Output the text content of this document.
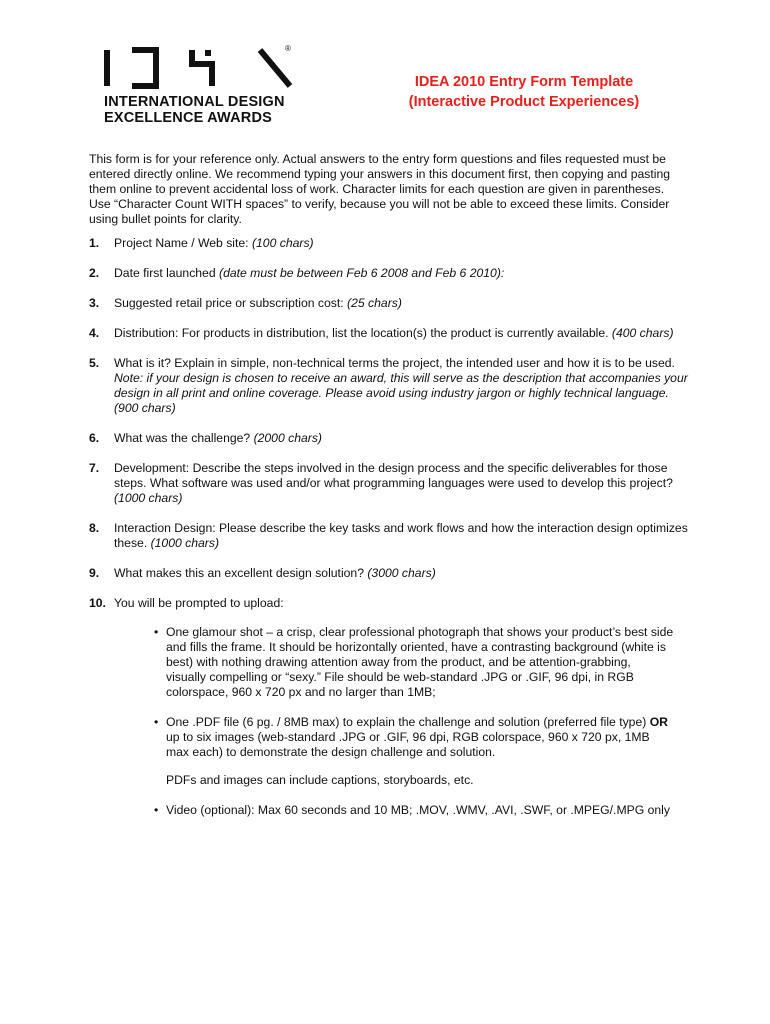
®
INTERNATIONAL DESIGN
EXCELLENCE AWARDS
IDEA 2010 Entry Form Template
(Interactive Product Experiences)

This form is for your reference only. Actual answers to the entry form questions and files requested must be entered directly online. We recommend typing your answers in this document first, then copying and pasting them online to prevent accidental loss of work. Character limits for each question are given in parentheses. Use “Character Count WITH spaces” to verify, because you will not be able to exceed these limits. Consider using bullet points for clarity.

1.	Project Name / Web site: (100 chars)
2.	Date first launched (date must be between Feb 6 2008 and Feb 6 2010):
3.	Suggested retail price or subscription cost: (25 chars)
4.	Distribution: For products in distribution, list the location(s) the product is currently available. (400 chars)
5.	What is it? Explain in simple, non-technical terms the project, the intended user and how it is to be used. Note: if your design is chosen to receive an award, this will serve as the description that accompanies your design in all print and online coverage. Please avoid using industry jargon or highly technical language. (900 chars)
6.	What was the challenge? (2000 chars)
7.	Development: Describe the steps involved in the design process and the specific deliverables for those steps. What software was used and/or what programming languages were used to develop this project? (1000 chars)
8.	Interaction Design: Please describe the key tasks and work flows and how the interaction design optimizes these. (1000 chars)
9.	What makes this an excellent design solution? (3000 chars)
10. You will be prompted to upload:
• One glamour shot – a crisp, clear professional photograph that shows your product’s best side and fills the frame. It should be horizontally oriented, have a contrasting background (white is best) with nothing drawing attention away from the product, and be attention-grabbing, visually compelling or “sexy.” File should be web-standard .JPG or .GIF, 96 dpi, in RGB colorspace, 960 x 720 px and no larger than 1MB;
• One .PDF file (6 pg. / 8MB max) to explain the challenge and solution (preferred file type) OR up to six images (web-standard .JPG or .GIF, 96 dpi, RGB colorspace, 960 x 720 px, 1MB max each) to demonstrate the design challenge and solution.
PDFs and images can include captions, storyboards, etc.
• Video (optional): Max 60 seconds and 10 MB; .MOV, .WMV, .AVI, .SWF, or .MPEG/.MPG only
